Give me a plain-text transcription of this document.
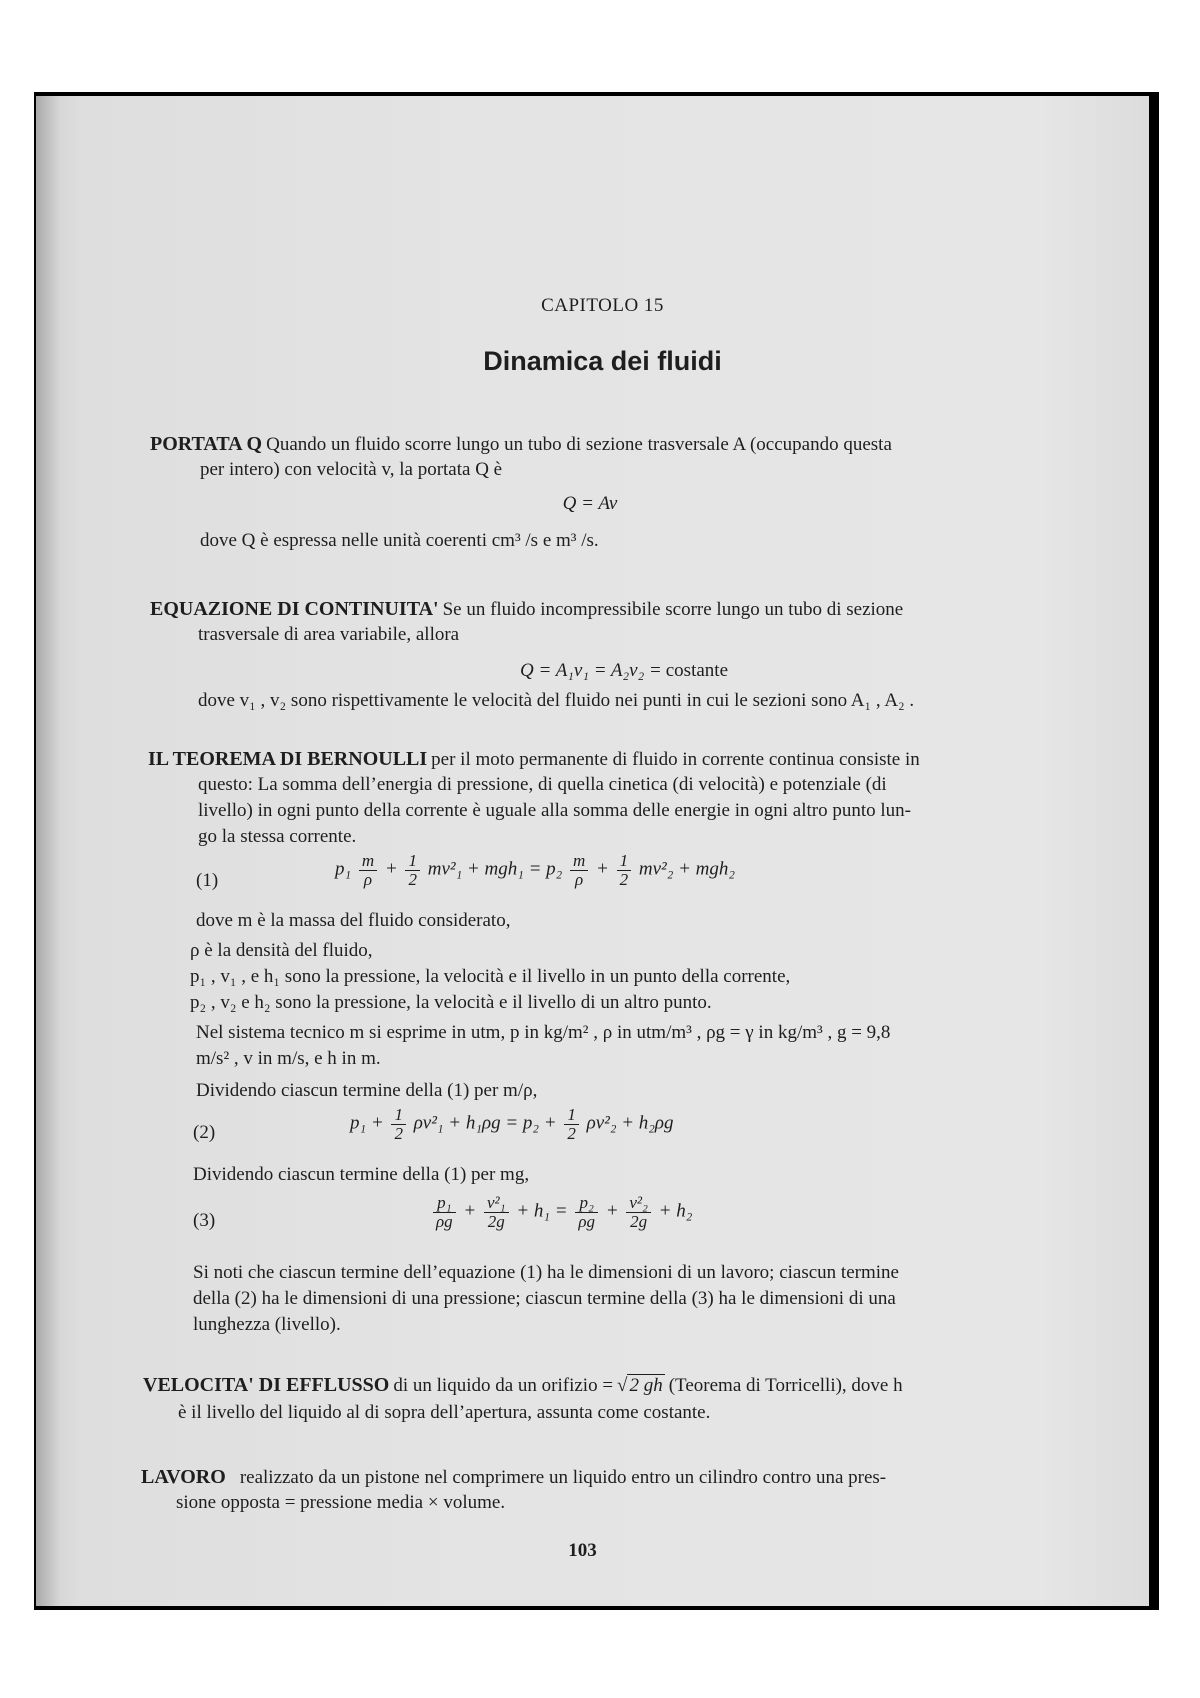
CAPITOLO 15
Dinamica dei fluidi
PORTATA Q Quando un fluido scorre lungo un tubo di sezione trasversale A (occupando questa
per intero) con velocità v, la portata Q è
Q = Av
dove Q è espressa nelle unità coerenti cm³ /s e m³ /s.
EQUAZIONE DI CONTINUITA' Se un fluido incompressibile scorre lungo un tubo di sezione
trasversale di area variabile, allora
Q = A₁v₁ = A₂v₂ = costante
dove v₁ , v₂ sono rispettivamente le velocità del fluido nei punti in cui le sezioni sono A₁ , A₂ .
IL TEOREMA DI BERNOULLI per il moto permanente di fluido in corrente continua consiste in
questo: La somma dell’energia di pressione, di quella cinetica (di velocità) e potenziale (di
livello) in ogni punto della corrente è uguale alla somma delle energie in ogni altro punto lun-
go la stessa corrente.
(1)
$p_1 \frac{m}{\rho} + \frac{1}{2} mv^2_1 + mgh_1 = p_2 \frac{m}{\rho} + \frac{1}{2} mv^2_2 + mgh_2$
dove m è la massa del fluido considerato,
ρ è la densità del fluido,
p₁ , v₁ , e h₁ sono la pressione, la velocità e il livello in un punto della corrente,
p₂ , v₂ e h₂ sono la pressione, la velocità e il livello di un altro punto.
Nel sistema tecnico m si esprime in utm, p in kg/m² , ρ in utm/m³ , ρg = γ in kg/m³ , g = 9,8
m/s² , v in m/s, e h in m.
Dividendo ciascun termine della (1) per m/ρ,
(2)	$p_1 + \frac{1}{2} \rho v^2_1 + h_1\rho g = p_2 + \frac{1}{2} \rho v^2_2 + h_2\rho g$
Dividendo ciascun termine della (1) per mg,
(3)	$\frac{\text{p₁}}{\rho g} + \frac{\text{v²₁}}{2g} + h_1 = \frac{\text{p₂}}{\rho g} + \frac{\text{v²₂}}{2g} + h_2$
Si noti che ciascun termine dell’equazione (1) ha le dimensioni di un lavoro; ciascun termine
della (2) ha le dimensioni di una pressione; ciascun termine della (3) ha le dimensioni di una
lunghezza (livello).
VELOCITA' DI EFFLUSSO di un liquido da un orifizio = √ 2 gh (Teorema di Torricelli), dove h
è il livello del liquido al di sopra dell’apertura, assunta come costante.
LAVORO realizzato da un pistone nel comprimere un liquido entro un cilindro contro una pres-
sione opposta = pressione media × volume.
103
